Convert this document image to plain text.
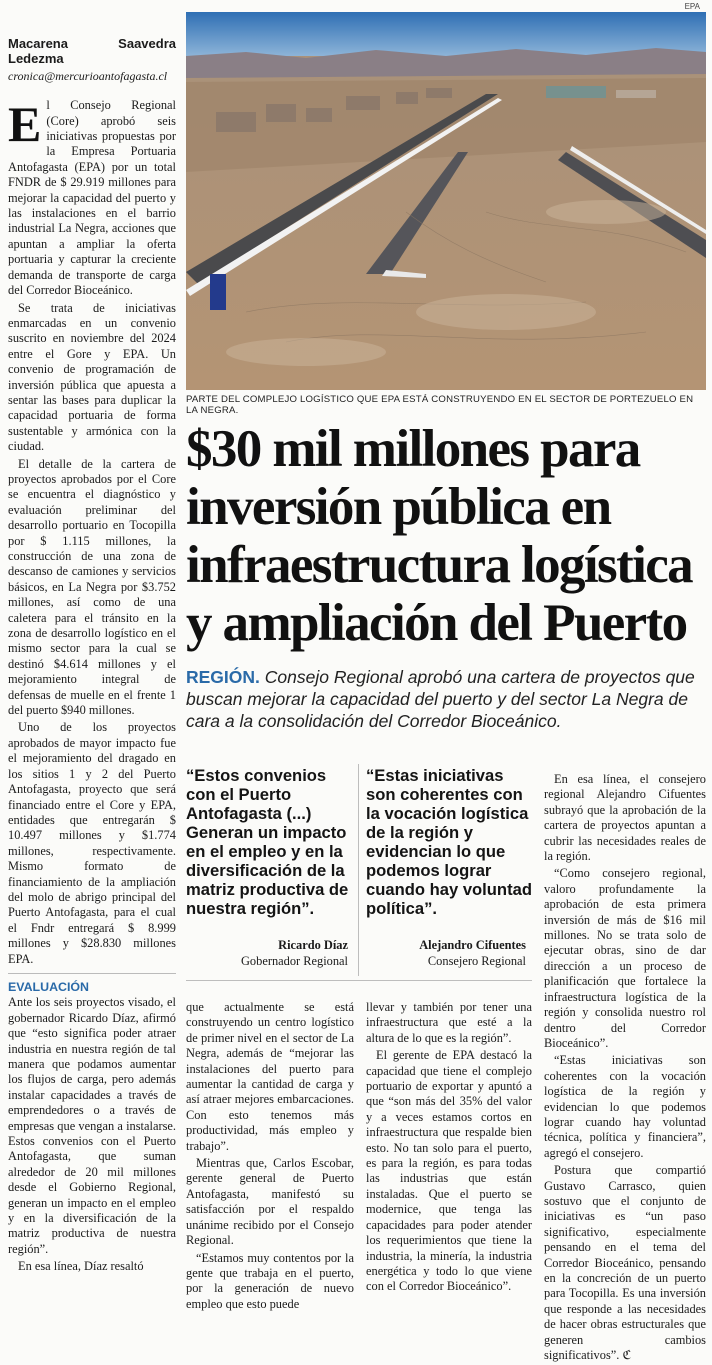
EPA
Macarena Saavedra Ledezma
cronica@mercurioantofagasta.cl

El Consejo Regional (Core) aprobó seis iniciativas propuestas por la Empresa Portuaria Antofagasta (EPA) por un total FNDR de $ 29.919 millones para mejorar la capacidad del puerto y las instalaciones en el barrio industrial La Negra, acciones que apuntan a ampliar la oferta portuaria y capturar la creciente demanda de transporte de carga del Corredor Bioceánico.

Se trata de iniciativas enmarcadas en un convenio suscrito en noviembre del 2024 entre el Gore y EPA. Un convenio de programación de inversión pública que apuesta a sentar las bases para duplicar la capacidad portuaria de forma sustentable y armónica con la ciudad.

El detalle de la cartera de proyectos aprobados por el Core se encuentra el diagnóstico y evaluación preliminar del desarrollo portuario en Tocopilla por $ 1.115 millones, la construcción de una zona de descanso de camiones y servicios básicos, en La Negra por $3.752 millones, así como de una caletera para el tránsito en la zona de desarrollo logístico en el mismo sector para la cual se destinó $4.614 millones y el mejoramiento integral de defensas de muelle en el frente 1 del puerto $940 millones.

Uno de los proyectos aprobados de mayor impacto fue el mejoramiento del dragado en los sitios 1 y 2 del Puerto Antofagasta, proyecto que será financiado entre el Core y EPA, entidades que entregarán $ 10.497 millones y $1.774 millones, respectivamente. Mismo formato de financiamiento de la ampliación del molo de abrigo principal del Puerto Antofagasta, para el cual el Fndr entregará $ 8.999 millones y $28.830 millones EPA.

EVALUACIÓN

Ante los seis proyectos visado, el gobernador Ricardo Díaz, afirmó que “esto significa poder atraer industria en nuestra región de tal manera que podamos aumentar los flujos de carga, pero además instalar capacidades a través de emprendedores o a través de empresas que vengan a instalarse. Estos convenios con el Puerto Antofagasta, que suman alrededor de 20 mil millones desde el Gobierno Regional, generan un impacto en el empleo y en la diversificación de la matriz productiva de nuestra región”.

En esa línea, Díaz resaltó

PARTE DEL COMPLEJO LOGÍSTICO QUE EPA ESTÁ CONSTRUYENDO EN EL SECTOR DE PORTEZUELO EN LA NEGRA.
$30 mil millones para
inversión pública en
infraestructura logística
y ampliación del Puerto
REGIÓN. Consejo Regional aprobó una cartera de proyectos que buscan mejorar la capacidad del puerto y del sector La Negra de cara a la consolidación del Corredor Bioceánico.
“Estos convenios con el Puerto Antofagasta (...) Generan un impacto en el empleo y en la diversificación de la matriz productiva de nuestra región”.
Ricardo Díaz
Gobernador Regional
“Estas iniciativas son coherentes con la vocación logística de la región y evidencian lo que podemos lograr cuando hay voluntad política”.
Alejandro Cifuentes
Consejero Regional

que actualmente se está construyendo un centro logístico de primer nivel en el sector de La Negra, además de “mejorar las instalaciones del puerto para aumentar la cantidad de carga y así atraer mejores embarcaciones. Con esto tenemos más productividad, más empleo y trabajo”.

Mientras que, Carlos Escobar, gerente general de Puerto Antofagasta, manifestó su satisfacción por el respaldo unánime recibido por el Consejo Regional.

“Estamos muy contentos por la gente que trabaja en el puerto, por la generación de nuevo empleo que esto puede

llevar y también por tener una infraestructura que esté a la altura de lo que es la región”.

El gerente de EPA destacó la capacidad que tiene el complejo portuario de exportar y apuntó a que “son más del 35% del valor y a veces estamos cortos en infraestructura que respalde bien esto. No tan solo para el puerto, es para la región, es para todas las industrias que están instaladas. Que el puerto se modernice, que tenga las capacidades para poder atender los requerimientos que tiene la industria, la minería, la industria energética y todo lo que viene con el Corredor Bioceánico”.

En esa línea, el consejero regional Alejandro Cifuentes subrayó que la aprobación de la cartera de proyectos apuntan a cubrir las necesidades reales de la región.

“Como consejero regional, valoro profundamente la aprobación de esta primera inversión de más de $16 mil millones. No se trata solo de ejecutar obras, sino de dar dirección a un proceso de planificación que fortalece la infraestructura logística de la región y consolida nuestro rol dentro del Corredor Bioceánico”.

“Estas iniciativas son coherentes con la vocación logística de la región y evidencian lo que podemos lograr cuando hay voluntad técnica, política y financiera”, agregó el consejero.

Postura que compartió Gustavo Carrasco, quien sostuvo que el conjunto de iniciativas es “un paso significativo, especialmente pensando en el tema del Corredor Bioceánico, pensando en la concreción de un puerto para Tocopilla. Es una inversión que responde a las necesidades de hacer obras estructurales que generen cambios significativos”. ℭ
